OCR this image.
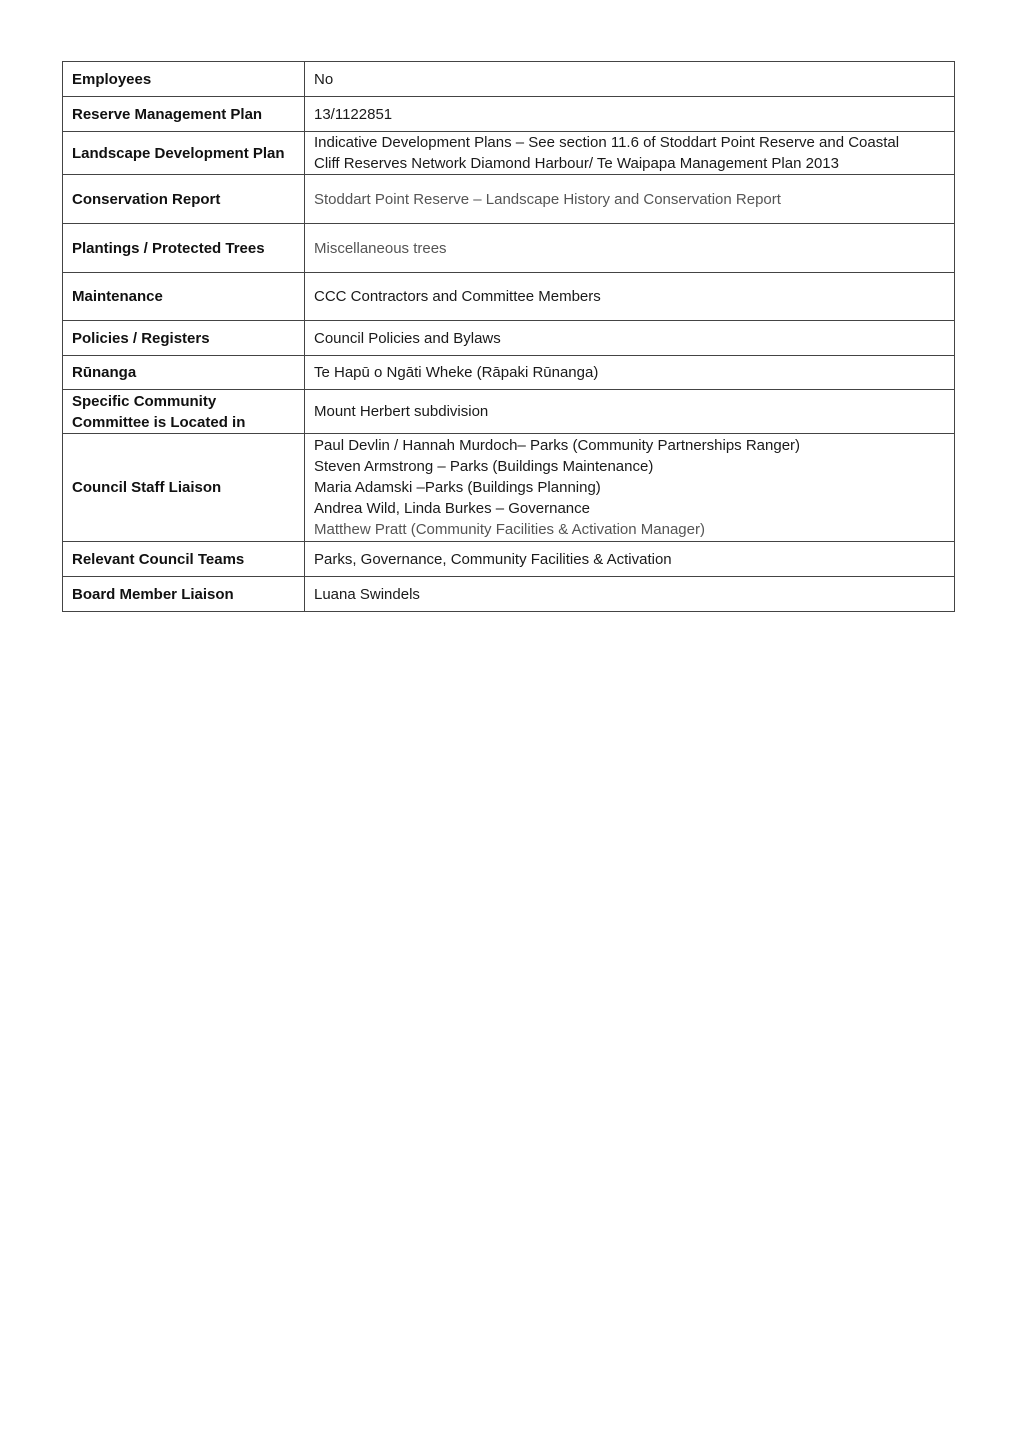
Employees	No
Reserve Management Plan	13/1122851
Landscape Development Plan	Indicative Development Plans – See section 11.6 of Stoddart Point Reserve and Coastal
Cliff Reserves Network Diamond Harbour/ Te Waipapa Management Plan 2013

Conservation Report	Stoddart Point Reserve – Landscape History and Conservation Report
Plantings / Protected Trees	Miscellaneous trees
Maintenance	CCC Contractors and Committee Members
Policies / Registers	Council Policies and Bylaws
Rūnanga	Te Hapū o Ngāti Wheke (Rāpaki Rūnanga)

Specific Community
Committee is Located in	Mount Herbert subdivision
Council Staff Liaison	Paul Devlin / Hannah Murdoch– Parks (Community Partnerships Ranger)
Steven Armstrong – Parks (Buildings Maintenance)
Maria Adamski –Parks (Buildings Planning)
Andrea Wild, Linda Burkes – Governance
Matthew Pratt (Community Facilities & Activation Manager)

Relevant Council Teams	Parks, Governance, Community Facilities & Activation
Board Member Liaison	Luana Swindels
